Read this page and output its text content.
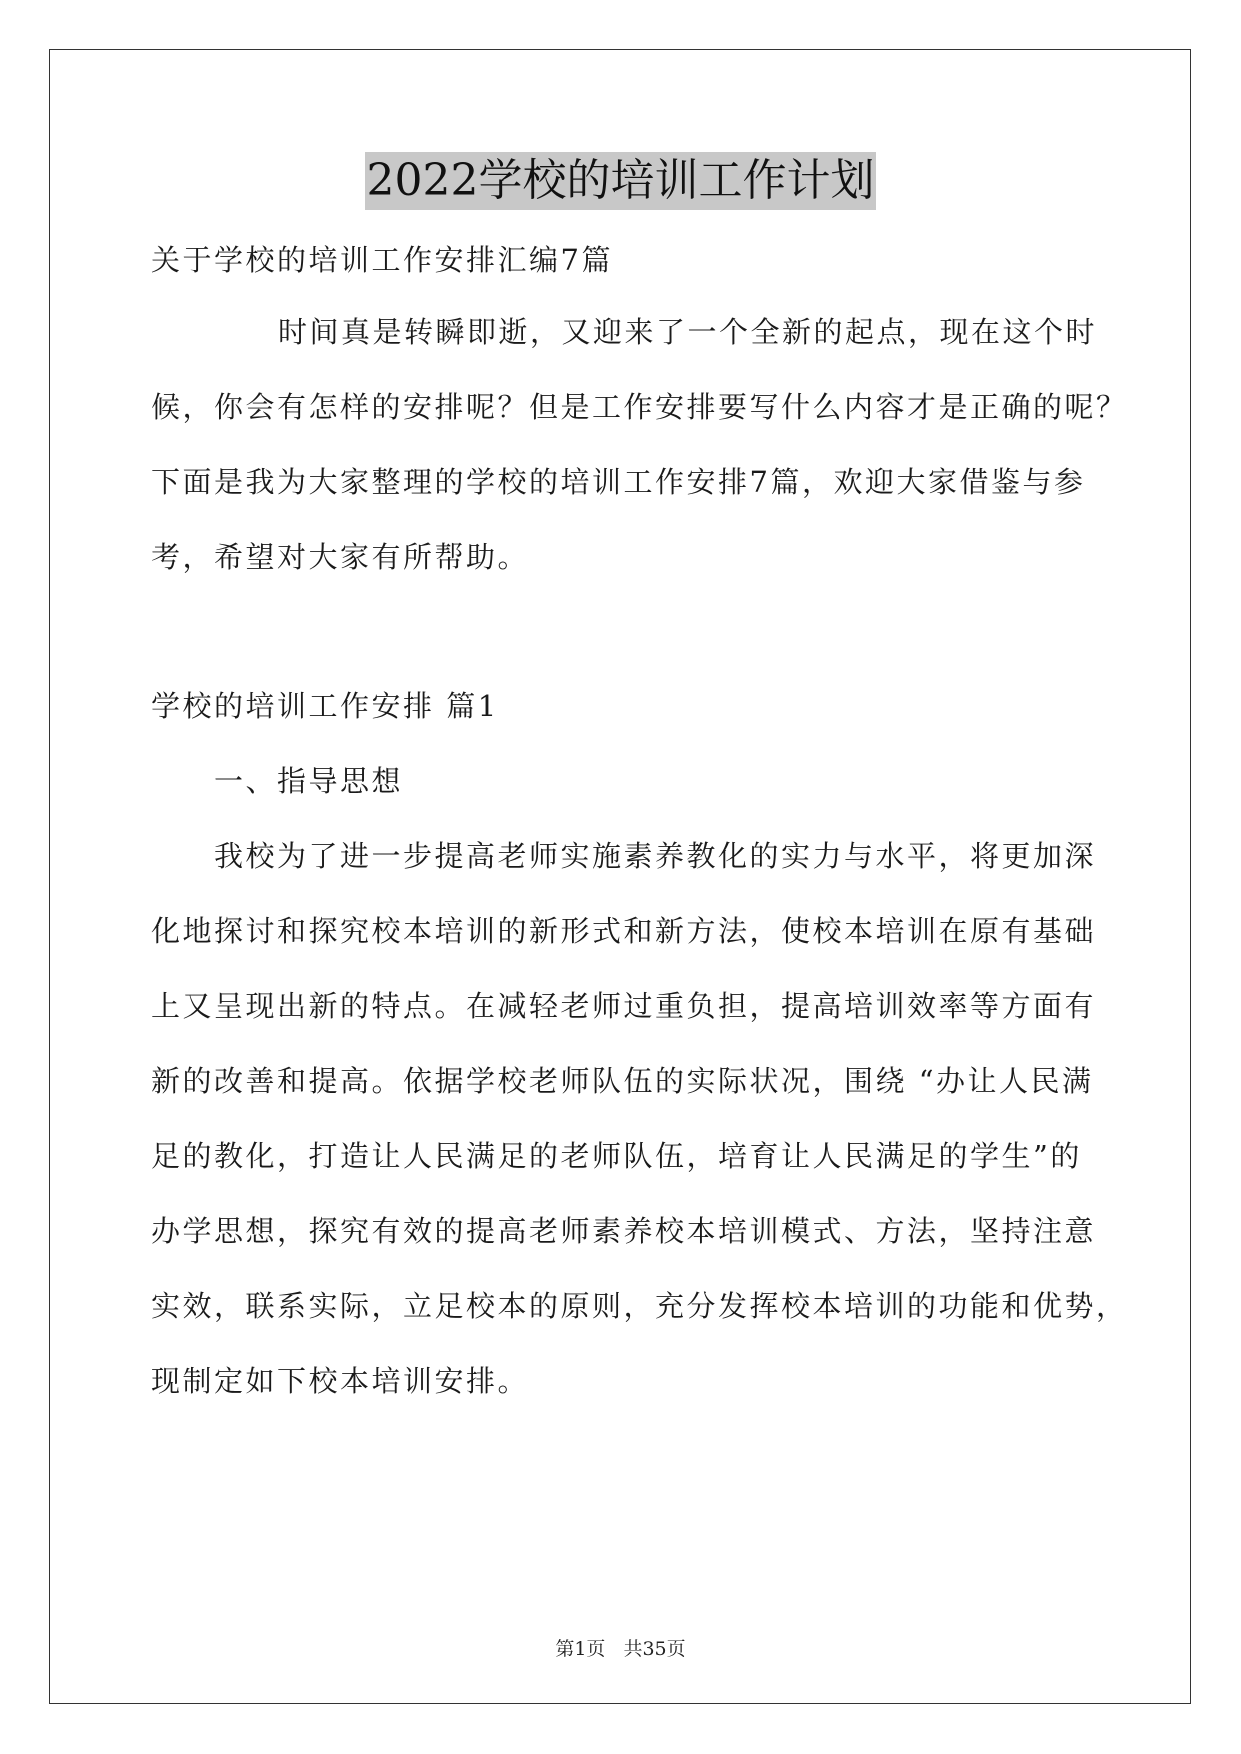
2022学校的培训工作计划
关于学校的培训工作安排汇编7篇
时间真是转瞬即逝，又迎来了一个全新的起点，现在这个时
候，你会有怎样的安排呢？但是工作安排要写什么内容才是正确的呢？
下面是我为大家整理的学校的培训工作安排7篇，欢迎大家借鉴与参
考，希望对大家有所帮助。
学校的培训工作安排 篇1
一、指导思想
我校为了进一步提高老师实施素养教化的实力与水平，将更加深
化地探讨和探究校本培训的新形式和新方法，使校本培训在原有基础
上又呈现出新的特点。在减轻老师过重负担，提高培训效率等方面有
新的改善和提高。依据学校老师队伍的实际状况，围绕 “办让人民满
足的教化，打造让人民满足的老师队伍，培育让人民满足的学生”的
办学思想，探究有效的提高老师素养校本培训模式、方法，坚持注意
实效，联系实际，立足校本的原则，充分发挥校本培训的功能和优势，
现制定如下校本培训安排。
第1页 共35页
